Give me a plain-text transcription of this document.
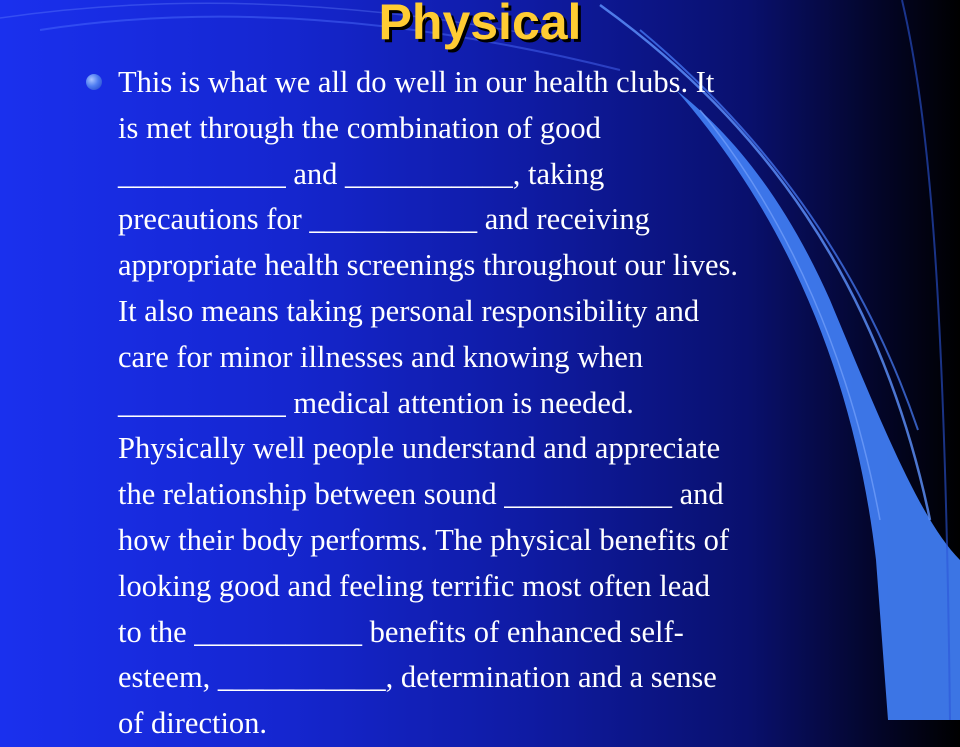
Physical

This is what we all do well in our health clubs. It
is met through the combination of good
___________ and ___________, taking
precautions for ___________ and receiving
appropriate health screenings throughout our lives.
It also means taking personal responsibility and
care for minor illnesses and knowing when
___________ medical attention is needed.
Physically well people understand and appreciate
the relationship between sound ___________ and
how their body performs. The physical benefits of
looking good and feeling terrific most often lead
to the ___________ benefits of enhanced self-
esteem, ___________, determination and a sense
of direction.
